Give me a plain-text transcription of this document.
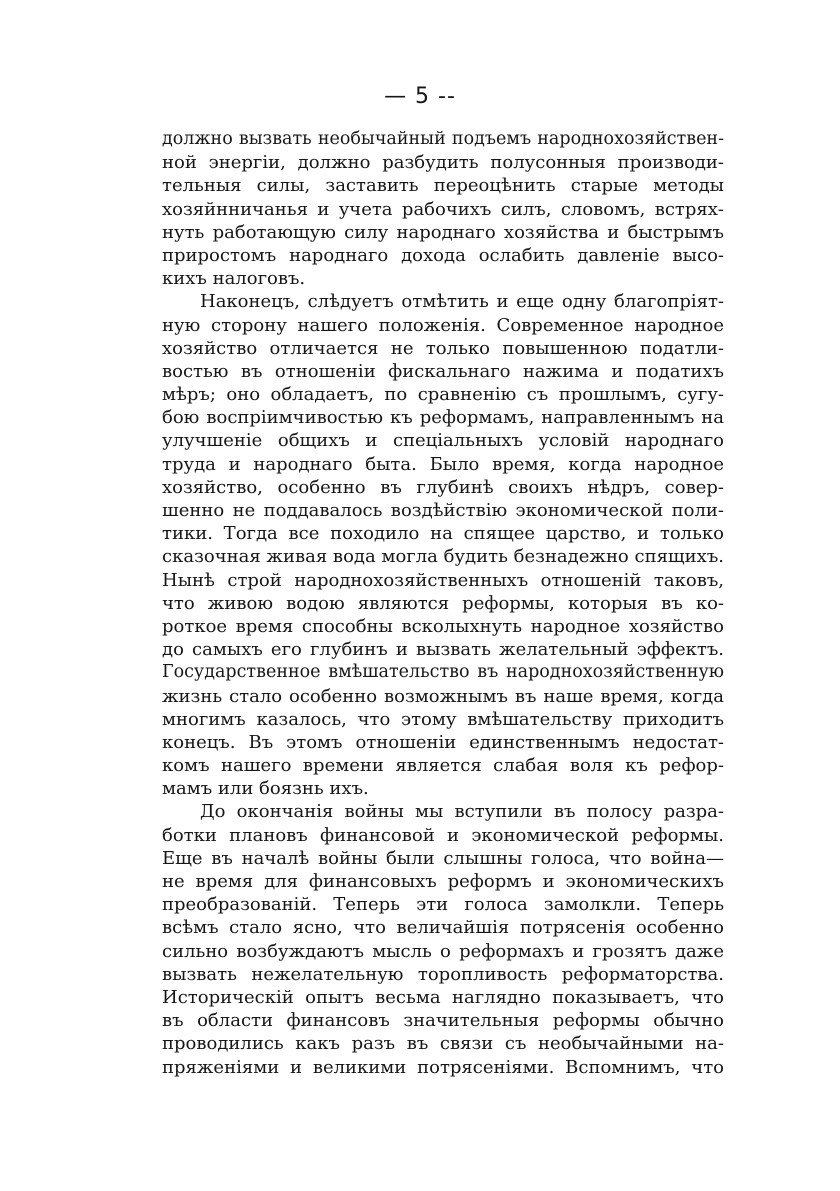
— 5 --
должно вызвать необычайный подъемъ народнохозяйствен-
ной энергіи, должно разбудить полусонныя производи-
тельныя силы, заставить переоцѣнить старые методы
хозяйнничанья и учета рабочихъ силъ, словомъ, встрях-
нуть работающую силу народнаго хозяйства и быстрымъ
приростомъ народнаго дохода ослабить давленіе высо-
кихъ налоговъ.
Наконецъ, слѣдуетъ отмѣтить и еще одну благопріят-
ную сторону нашего положенія. Современное народное
хозяйство отличается не только повышенною податли-
востью въ отношеніи фискальнаго нажима и податихъ
мѣръ; оно обладаетъ, по сравненію съ прошлымъ, сугу-
бою воспріимчивостью къ реформамъ, направленнымъ на
улучшеніе общихъ и спеціальныхъ условій народнаго
труда и народнаго быта. Было время, когда народное
хозяйство, особенно въ глубинѣ своихъ нѣдръ, совер-
шенно не поддавалось воздѣйствію экономической поли-
тики. Тогда все походило на спящее царство, и только
сказочная живая вода могла будить безнадежно спящихъ.
Нынѣ строй народнохозяйственныхъ отношеній таковъ,
что живою водою являются реформы, которыя въ ко-
роткое время способны всколыхнуть народное хозяйство
до самыхъ его глубинъ и вызвать желательный эффектъ.
Государственное вмѣшательство въ народнохозяйственную
жизнь стало особенно возможнымъ въ наше время, когда
многимъ казалось, что этому вмѣшательству приходитъ
конецъ. Въ этомъ отношеніи единственнымъ недостат-
комъ нашего времени является слабая воля къ рефор-
мамъ или боязнь ихъ.
До окончанія войны мы вступили въ полосу разра-
ботки плановъ финансовой и экономической реформы.
Еще въ началѣ войны были слышны голоса, что война—
не время для финансовыхъ реформъ и экономическихъ
преобразованій. Теперь эти голоса замолкли. Теперь
всѣмъ стало ясно, что величайшія потрясенія особенно
сильно возбуждаютъ мысль о реформахъ и грозятъ даже
вызвать нежелательную торопливость реформаторства.
Историческій опытъ весьма наглядно показываетъ, что
въ области финансовъ значительныя реформы обычно
проводились какъ разъ въ связи съ необычайными на-
пряженіями и великими потрясеніями. Вспомнимъ, что
